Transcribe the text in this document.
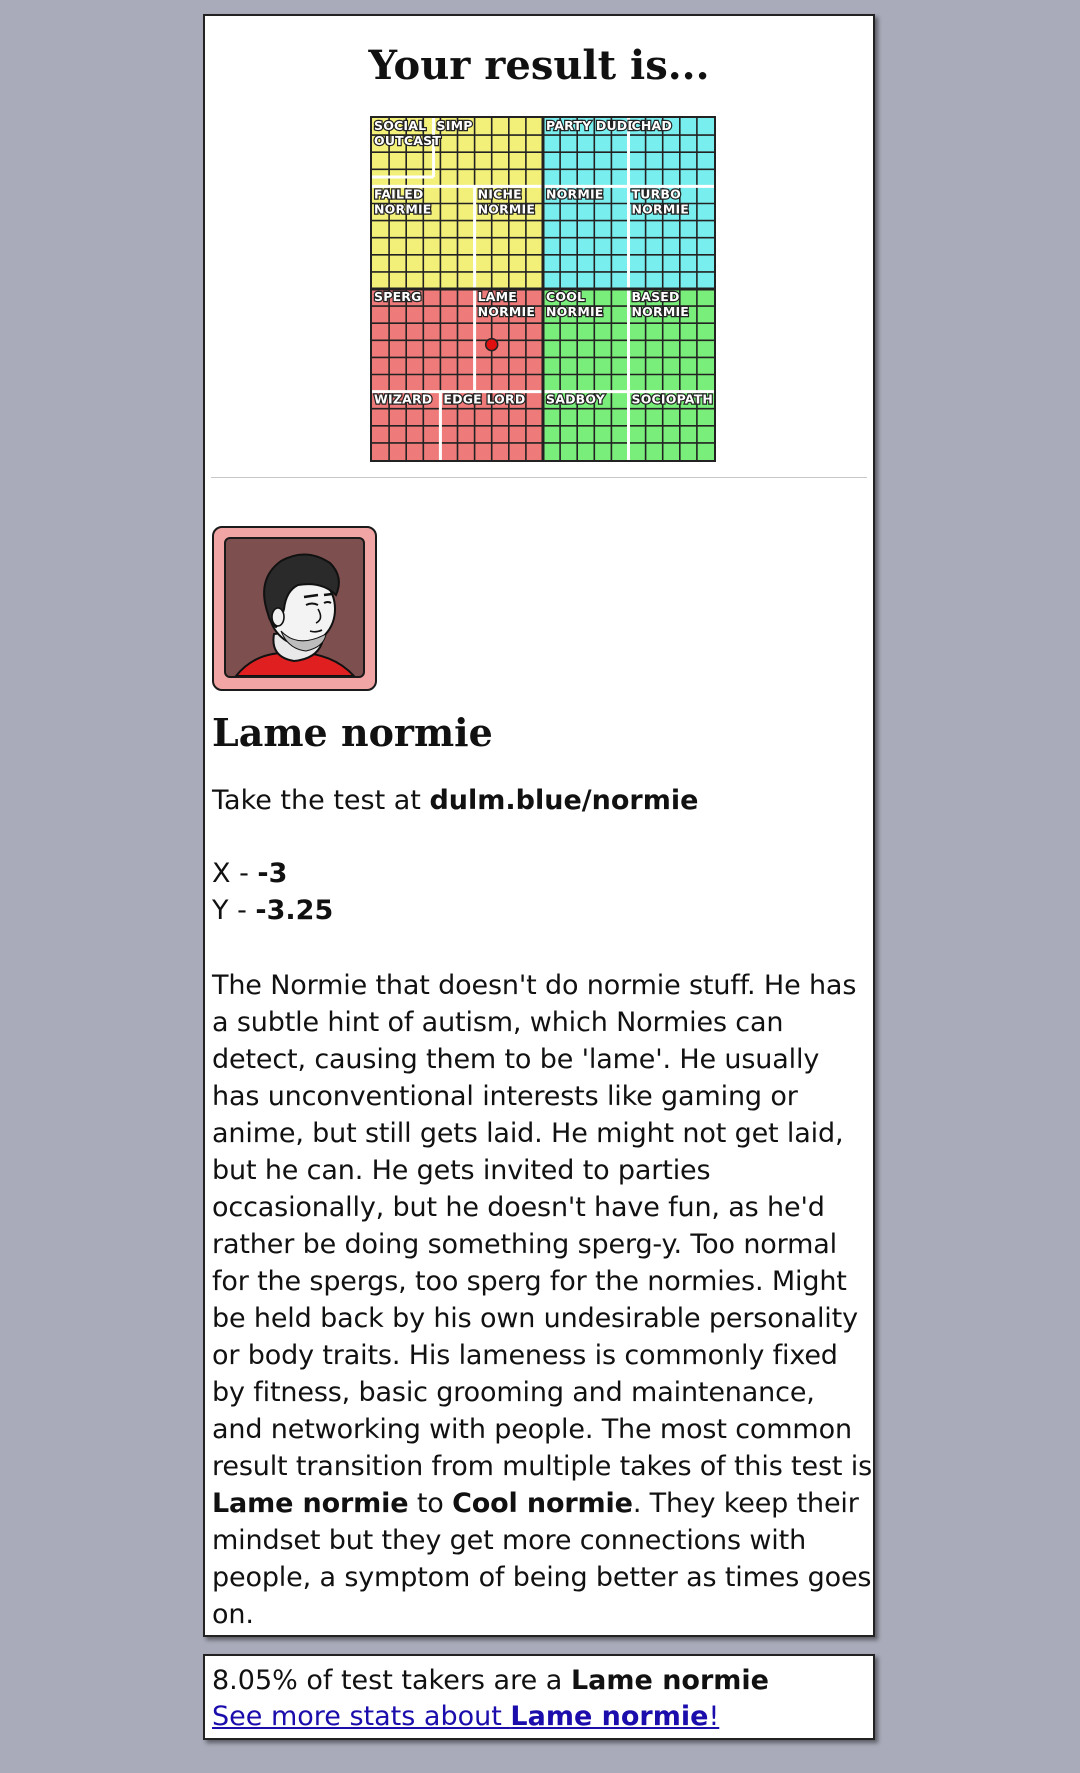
Your result is...
SOCIAL
OUTCAST
SIMP	PARTY DUDE
CHAD
FAILED
NORMIE
NICHE
NORMIE
NORMIE TURBO
NORMIE
SPERG	LAME
NORMIE
COOL
NORMIE
BASED
NORMIE
WIZARD EDGE LORD SADBOY SOCIOPATH
Lame normie
Take the test at dulm.blue/normie
X - -3
Y - -3.25
The Normie that doesn't do normie stuff. He has a subtle hint of autism, which Normies can detect, causing them to be 'lame'. He usually has unconventional interests like gaming or anime, but still gets laid. He might not get laid, but he can. He gets invited to parties occasionally, but he doesn't have fun, as he'd rather be doing something sperg-y. Too normal for the spergs, too sperg for the normies. Might be held back by his own undesirable personality or body traits. His lameness is commonly fixed by fitness, basic grooming and maintenance, and networking with people. The most common result transition from multiple takes of this test is Lame normie to Cool normie. They keep their mindset but they get more connections with people, a symptom of being better as times goes on.
8.05% of test takers are a Lame normie
See more stats about Lame normie!
